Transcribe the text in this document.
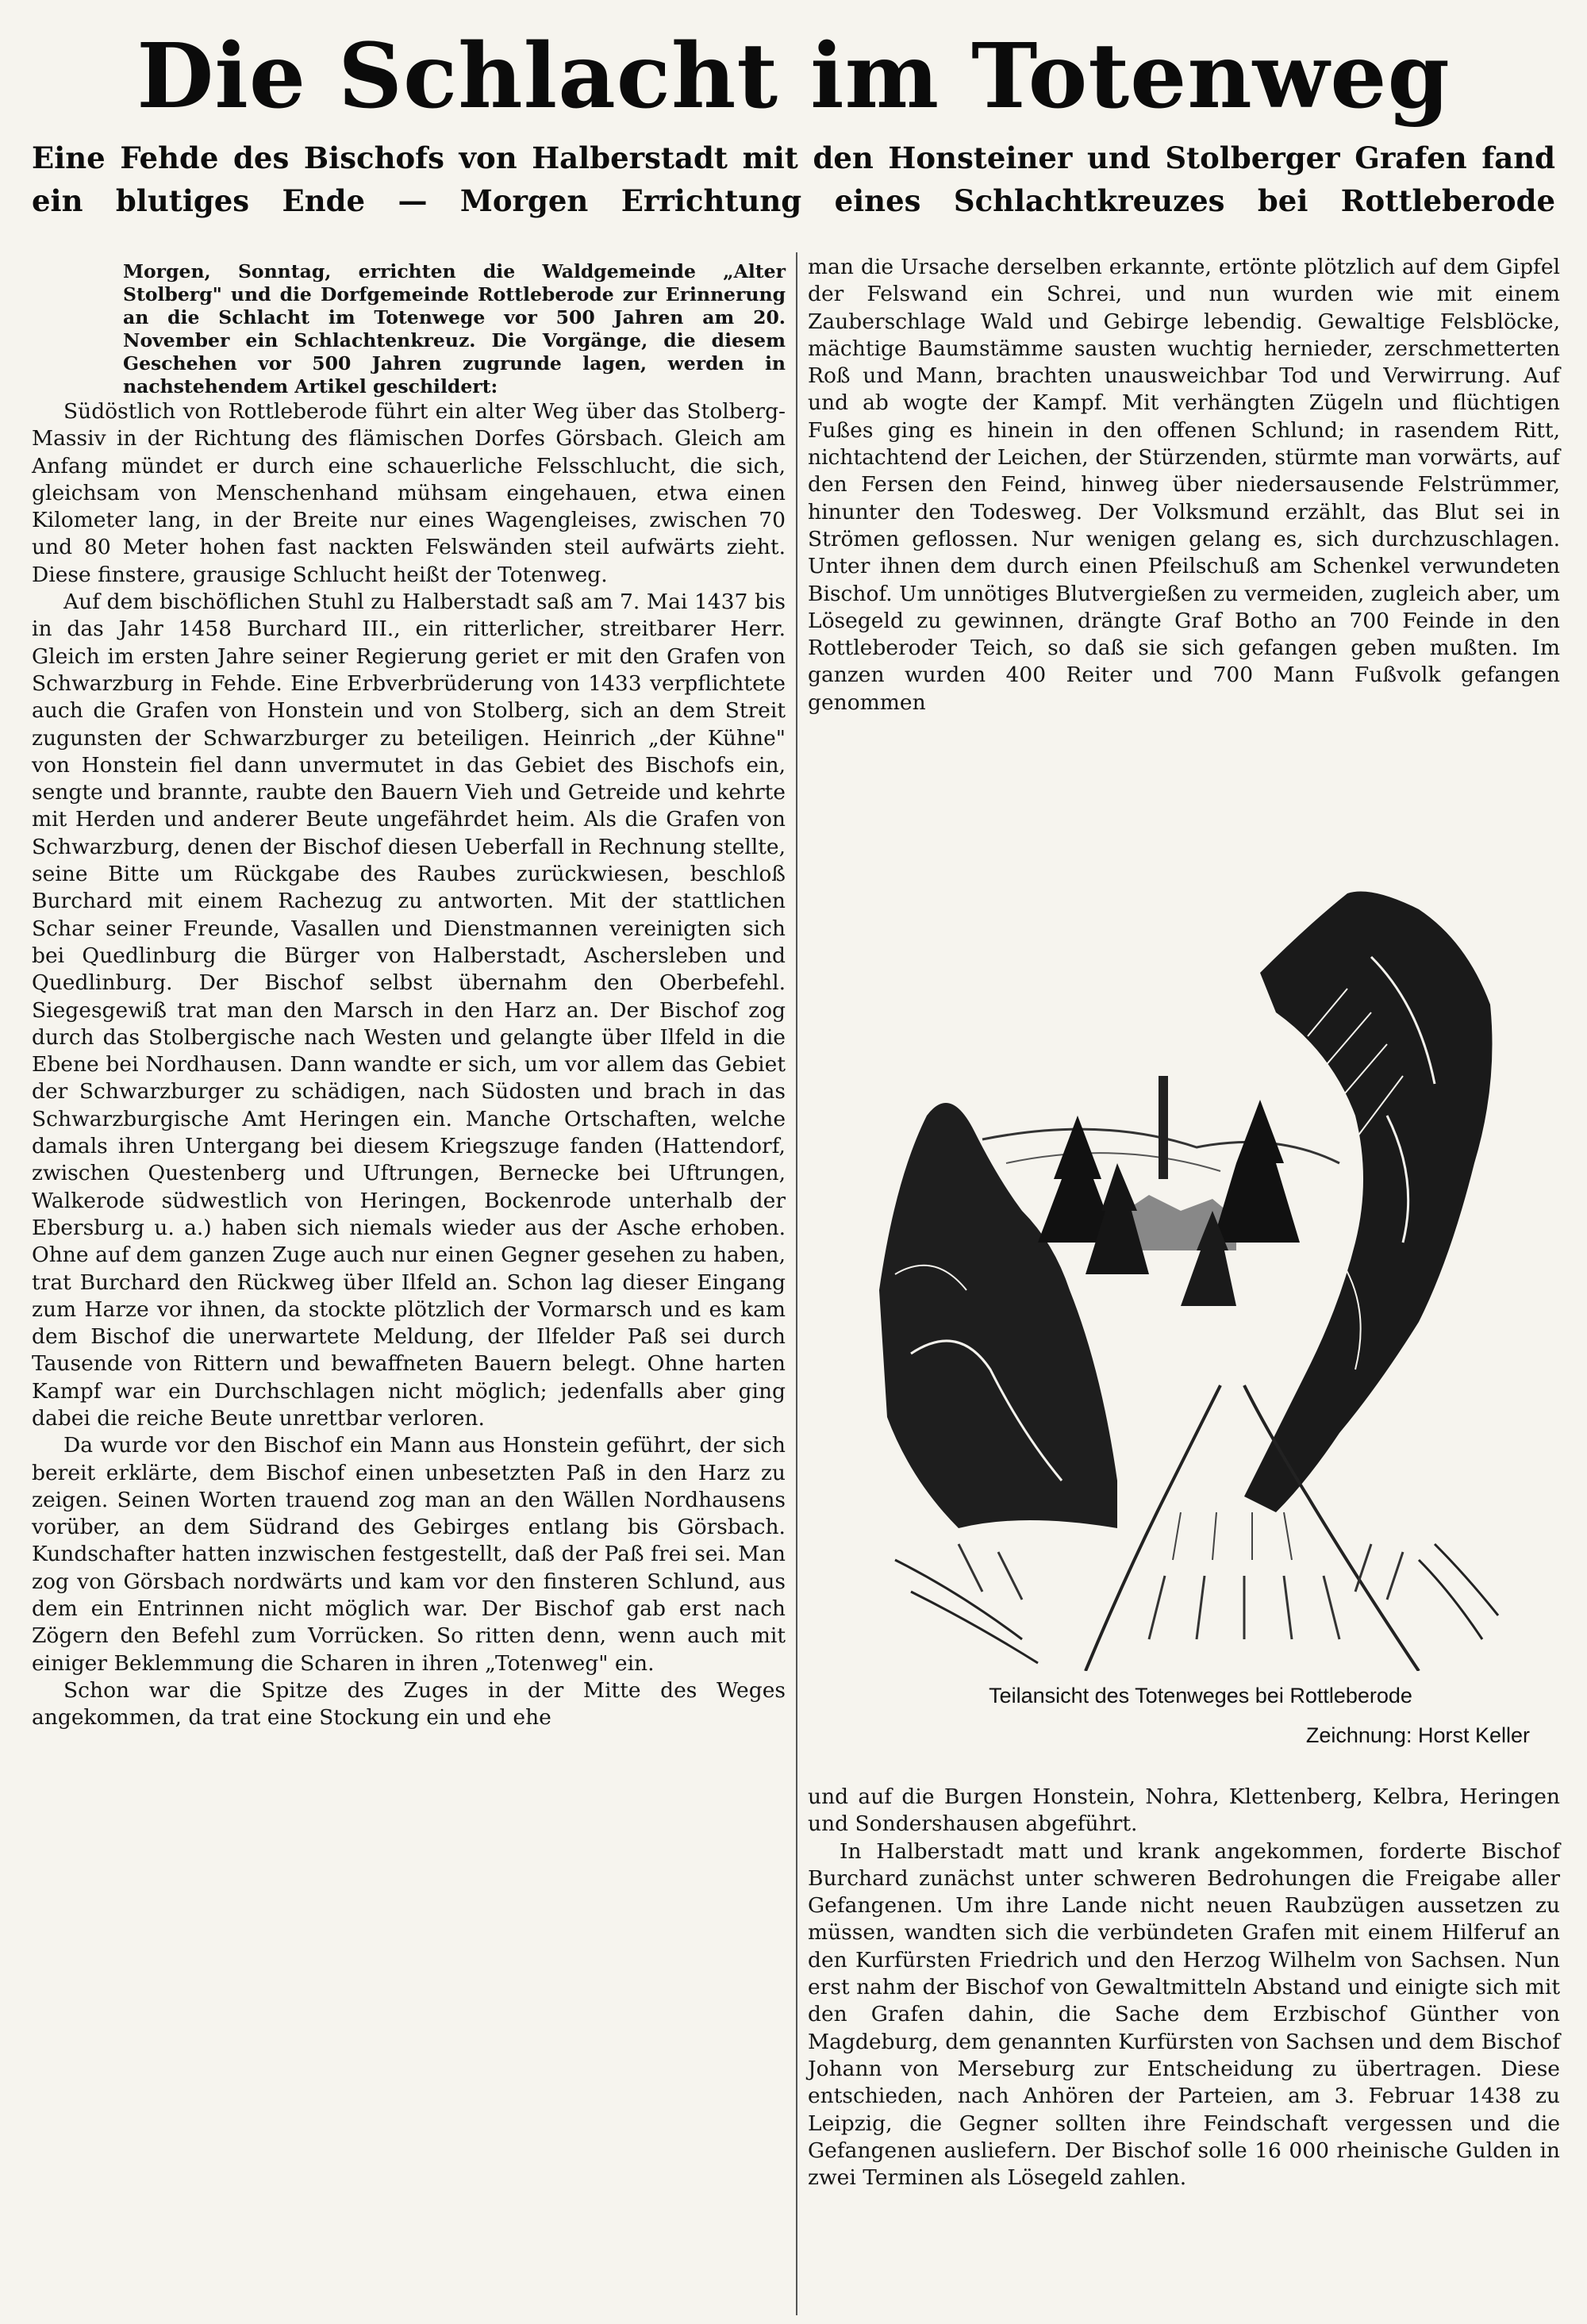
Die Schlacht im Totenweg
Eine Fehde des Bischofs von Halberstadt mit den Honsteiner und Stolberger Grafen fand ein blutiges Ende — Morgen Errichtung eines Schlachtkreuzes bei Rottleberode

Morgen, Sonntag, errichten die Waldgemeinde „Alter Stolberg" und die Dorfgemeinde Rottleberode zur Erinnerung an die Schlacht im Totenwege vor 500 Jahren am 20. November ein Schlachtenkreuz. Die Vorgänge, die diesem Geschehen vor 500 Jahren zugrunde lagen, werden in nachstehendem Artikel geschildert:

Südöstlich von Rottleberode führt ein alter Weg über das Stolberg-Massiv in der Richtung des flämischen Dorfes Görsbach. Gleich am Anfang mündet er durch eine schauerliche Felsschlucht, die sich, gleichsam von Menschenhand mühsam eingehauen, etwa einen Kilometer lang, in der Breite nur eines Wagengleises, zwischen 70 und 80 Meter hohen fast nackten Felswänden steil aufwärts zieht. Diese finstere, grausige Schlucht heißt der Totenweg.

Auf dem bischöflichen Stuhl zu Halberstadt saß am 7. Mai 1437 bis in das Jahr 1458 Burchard III., ein ritterlicher, streitbarer Herr. Gleich im ersten Jahre seiner Regierung geriet er mit den Grafen von Schwarzburg in Fehde. Eine Erbverbrüderung von 1433 verpflichtete auch die Grafen von Honstein und von Stolberg, sich an dem Streit zugunsten der Schwarzburger zu beteiligen. Heinrich „der Kühne" von Honstein fiel dann unvermutet in das Gebiet des Bischofs ein, sengte und brannte, raubte den Bauern Vieh und Getreide und kehrte mit Herden und anderer Beute ungefährdet heim. Als die Grafen von Schwarzburg, denen der Bischof diesen Ueberfall in Rechnung stellte, seine Bitte um Rückgabe des Raubes zurückwiesen, beschloß Burchard mit einem Rachezug zu antworten. Mit der stattlichen Schar seiner Freunde, Vasallen und Dienstmannen vereinigten sich bei Quedlinburg die Bürger von Halberstadt, Aschersleben und Quedlinburg. Der Bischof selbst übernahm den Oberbefehl. Siegesgewiß trat man den Marsch in den Harz an. Der Bischof zog durch das Stolbergische nach Westen und gelangte über Ilfeld in die Ebene bei Nordhausen. Dann wandte er sich, um vor allem das Gebiet der Schwarzburger zu schädigen, nach Südosten und brach in das Schwarzburgische Amt Heringen ein. Manche Ortschaften, welche damals ihren Untergang bei diesem Kriegszuge fanden (Hattendorf, zwischen Questenberg und Uftrungen, Bernecke bei Uftrungen, Walkerode südwestlich von Heringen, Bockenrode unterhalb der Ebersburg u. a.) haben sich niemals wieder aus der Asche erhoben. Ohne auf dem ganzen Zuge auch nur einen Gegner gesehen zu haben, trat Burchard den Rückweg über Ilfeld an. Schon lag dieser Eingang zum Harze vor ihnen, da stockte plötzlich der Vormarsch und es kam dem Bischof die unerwartete Meldung, der Ilfelder Paß sei durch Tausende von Rittern und bewaffneten Bauern belegt. Ohne harten Kampf war ein Durchschlagen nicht möglich; jedenfalls aber ging dabei die reiche Beute unrettbar verloren.

Da wurde vor den Bischof ein Mann aus Honstein geführt, der sich bereit erklärte, dem Bischof einen unbesetzten Paß in den Harz zu zeigen. Seinen Worten trauend zog man an den Wällen Nordhausens vorüber, an dem Südrand des Gebirges entlang bis Görsbach. Kundschafter hatten inzwischen festgestellt, daß der Paß frei sei. Man zog von Görsbach nordwärts und kam vor den finsteren Schlund, aus dem ein Entrinnen nicht möglich war. Der Bischof gab erst nach Zögern den Befehl zum Vorrücken. So ritten denn, wenn auch mit einiger Beklemmung die Scharen in ihren „Totenweg" ein.

Schon war die Spitze des Zuges in der Mitte des Weges angekommen, da trat eine Stockung ein und ehe

man die Ursache derselben erkannte, ertönte plötzlich auf dem Gipfel der Felswand ein Schrei, und nun wurden wie mit einem Zauberschlage Wald und Gebirge lebendig. Gewaltige Felsblöcke, mächtige Baumstämme sausten wuchtig hernieder, zerschmetterten Roß und Mann, brachten unausweichbar Tod und Verwirrung. Auf und ab wogte der Kampf. Mit verhängten Zügeln und flüchtigen Fußes ging es hinein in den offenen Schlund; in rasendem Ritt, nichtachtend der Leichen, der Stürzenden, stürmte man vorwärts, auf den Fersen den Feind, hinweg über niedersausende Felstrümmer, hinunter den Todesweg. Der Volksmund erzählt, das Blut sei in Strömen geflossen. Nur wenigen gelang es, sich durchzuschlagen. Unter ihnen dem durch einen Pfeilschuß am Schenkel verwundeten Bischof. Um unnötiges Blutvergießen zu vermeiden, zugleich aber, um Lösegeld zu gewinnen, drängte Graf Botho an 700 Feinde in den Rottleberoder Teich, so daß sie sich gefangen geben mußten. Im ganzen wurden 400 Reiter und 700 Mann Fußvolk gefangen genommen

Teilansicht des Totenweges bei Rottleberode
Zeichnung: Horst Keller

und auf die Burgen Honstein, Nohra, Klettenberg, Kelbra, Heringen und Sondershausen abgeführt.

In Halberstadt matt und krank angekommen, forderte Bischof Burchard zunächst unter schweren Bedrohungen die Freigabe aller Gefangenen. Um ihre Lande nicht neuen Raubzügen aussetzen zu müssen, wandten sich die verbündeten Grafen mit einem Hilferuf an den Kurfürsten Friedrich und den Herzog Wilhelm von Sachsen. Nun erst nahm der Bischof von Gewaltmitteln Abstand und einigte sich mit den Grafen dahin, die Sache dem Erzbischof Günther von Magdeburg, dem genannten Kurfürsten von Sachsen und dem Bischof Johann von Merseburg zur Entscheidung zu übertragen. Diese entschieden, nach Anhören der Parteien, am 3. Februar 1438 zu Leipzig, die Gegner sollten ihre Feindschaft vergessen und die Gefangenen ausliefern. Der Bischof solle 16 000 rheinische Gulden in zwei Terminen als Lösegeld zahlen.
